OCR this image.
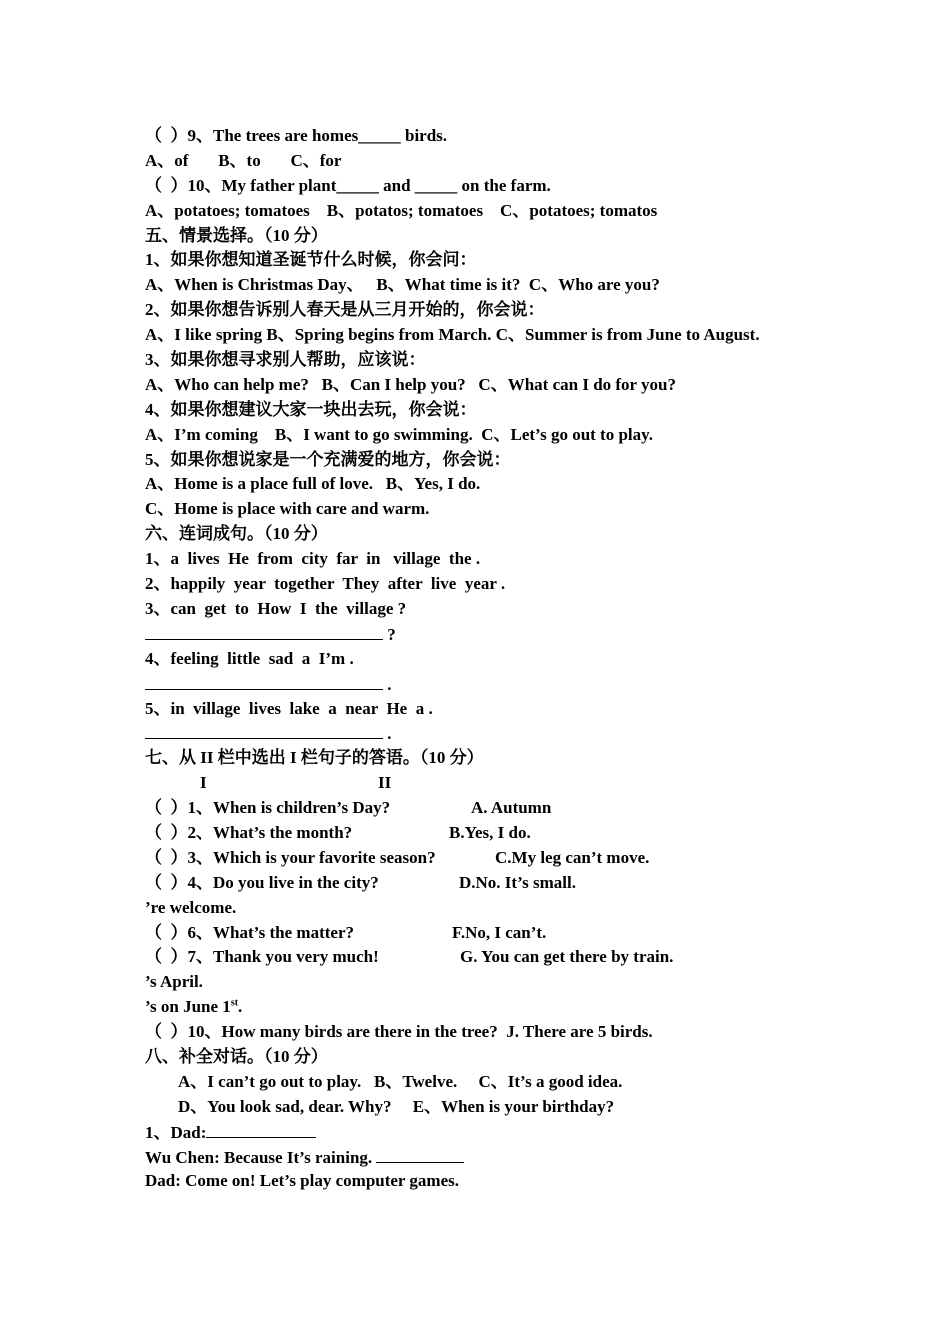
（  ）9、The trees are homes_____ birds.
A、of       B、to       C、for
（  ）10、My father plant_____ and _____ on the farm.
A、potatoes; tomatoes    B、potatos; tomatoes    C、potatoes; tomatos
五、情景选择。（10 分）
1、如果你想知道圣诞节什么时候，你会问：
A、When is Christmas Day、   B、What time is it?  C、Who are you?
2、如果你想告诉别人春天是从三月开始的，你会说：
A、I like spring B、Spring begins from March. C、Summer is from June to August.
3、如果你想寻求别人帮助，应该说：
A、Who can help me?   B、Can I help you?   C、What can I do for you?
4、如果你想建议大家一块出去玩，你会说：
A、I’m coming    B、I want to go swimming.  C、Let’s go out to play.
5、如果你想说家是一个充满爱的地方，你会说：
A、Home is a place full of love.   B、Yes, I do.
C、Home is place with care and warm.
六、连词成句。（10 分）
1、a  lives  He  from  city  far  in   village  the .
2、happily  year  together  They  after  live  year .
3、can  get  to  How  I  the  village ?
?
4、feeling  little  sad  a  I’m .
.
5、in  village  lives  lake  a  near  He  a .
.
七、从 II 栏中选出 I 栏句子的答语。（10 分）
I	II
（  ）1、When is children’s Day?	A. Autumn
（  ）2、What’s the month?	B.Yes, I do.
（  ）3、Which is your favorite season?	C.My leg can’t move.
（  ）4、Do you live in the city?	D.No. It’s small.
’re welcome.
（  ）6、What’s the matter?	F.No, I can’t.
（  ）7、Thank you very much!	G. You can get there by train.
’s April.
’s on June 1st.
（  ）10、How many birds are there in the tree? J. There are 5 birds.
八、补全对话。（10 分）
A、I can’t go out to play.   B、Twelve.     C、It’s a good idea.
D、You look sad, dear. Why?     E、When is your birthday?
1、Dad:
Wu Chen: Because It’s raining.
Dad: Come on! Let’s play computer games.
